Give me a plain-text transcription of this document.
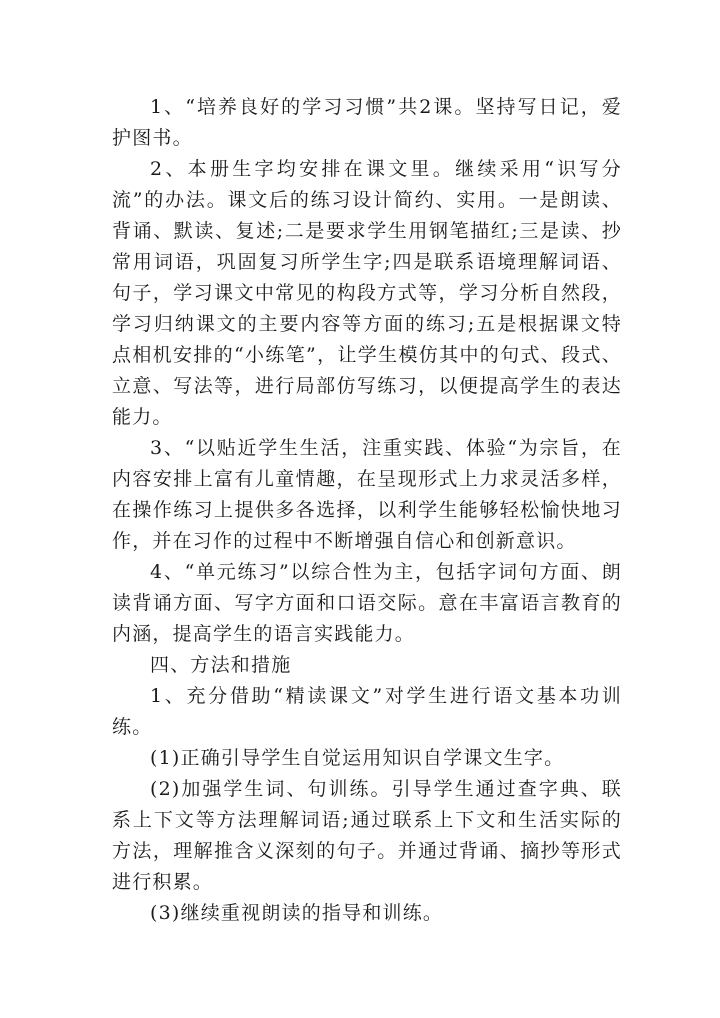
1、“培养良好的学习习惯”共2课。坚持写日记，爱护图书。

2、本册生字均安排在课文里。继续采用“识写分流”的办法。课文后的练习设计简约、实用。一是朗读、背诵、默读、复述;二是要求学生用钢笔描红;三是读、抄常用词语，巩固复习所学生字;四是联系语境理解词语、句子，学习课文中常见的构段方式等，学习分析自然段，学习归纳课文的主要内容等方面的练习;五是根据课文特点相机安排的“小练笔”，让学生模仿其中的句式、段式、立意、写法等，进行局部仿写练习，以便提高学生的表达能力。

3、“以贴近学生生活，注重实践、体验“为宗旨，在内容安排上富有儿童情趣，在呈现形式上力求灵活多样，在操作练习上提供多各选择，以利学生能够轻松愉快地习作，并在习作的过程中不断增强自信心和创新意识。

4、“单元练习”以综合性为主，包括字词句方面、朗读背诵方面、写字方面和口语交际。意在丰富语言教育的内涵，提高学生的语言实践能力。

四、方法和措施

1、充分借助“精读课文”对学生进行语文基本功训练。

(1)正确引导学生自觉运用知识自学课文生字。

(2)加强学生词、句训练。引导学生通过查字典、联系上下文等方法理解词语;通过联系上下文和生活实际的方法，理解推含义深刻的句子。并通过背诵、摘抄等形式进行积累。

(3)继续重视朗读的指导和训练。
